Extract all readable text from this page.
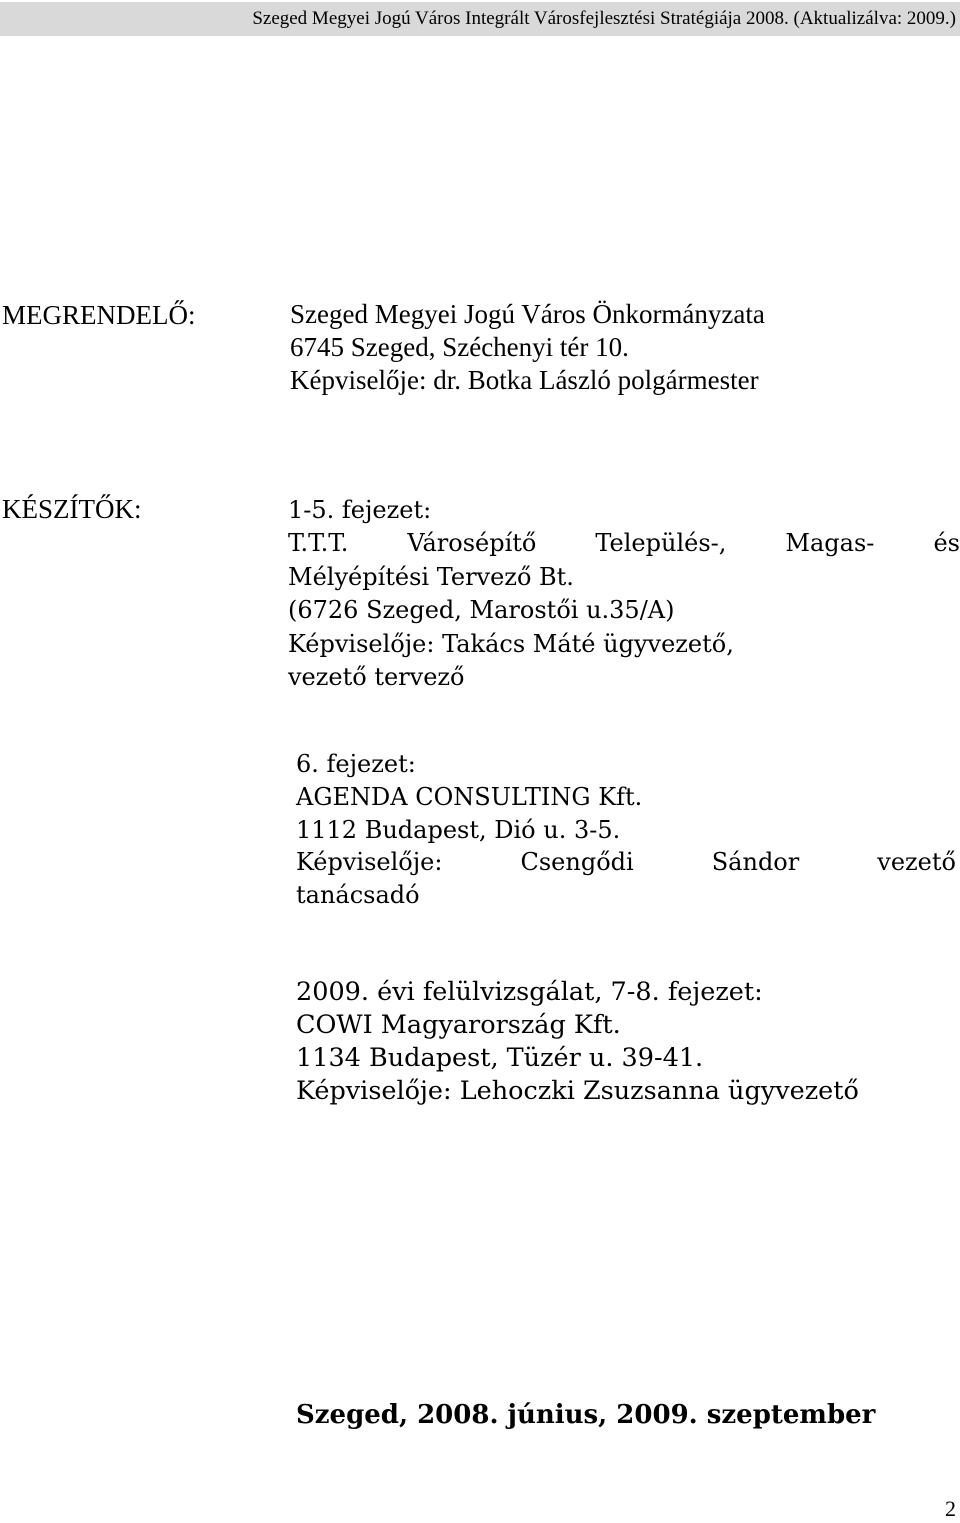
Szeged Megyei Jogú Város Integrált Városfejlesztési Stratégiája 2008. (Aktualizálva: 2009.)
MEGRENDELŐ:	Szeged Megyei Jogú Város Önkormányzata
6745 Szeged, Széchenyi tér 10.
Képviselője: dr. Botka László polgármester
KÉSZÍTŐK:	1-5. fejezet:
T.T.T. Városépítő Település-, Magas- és
Mélyépítési Tervező Bt.
(6726 Szeged, Marostői u.35/A)
Képviselője: Takács Máté ügyvezető,
vezető tervező
6. fejezet:
AGENDA CONSULTING Kft.
1112 Budapest, Dió u. 3-5.
Képviselője:	Csengődi	Sándor	vezető
tanácsadó
2009. évi felülvizsgálat, 7-8. fejezet:
COWI Magyarország Kft.
1134 Budapest, Tüzér u. 39-41.
Képviselője: Lehoczki Zsuzsanna ügyvezető
Szeged, 2008. június, 2009. szeptember
2
